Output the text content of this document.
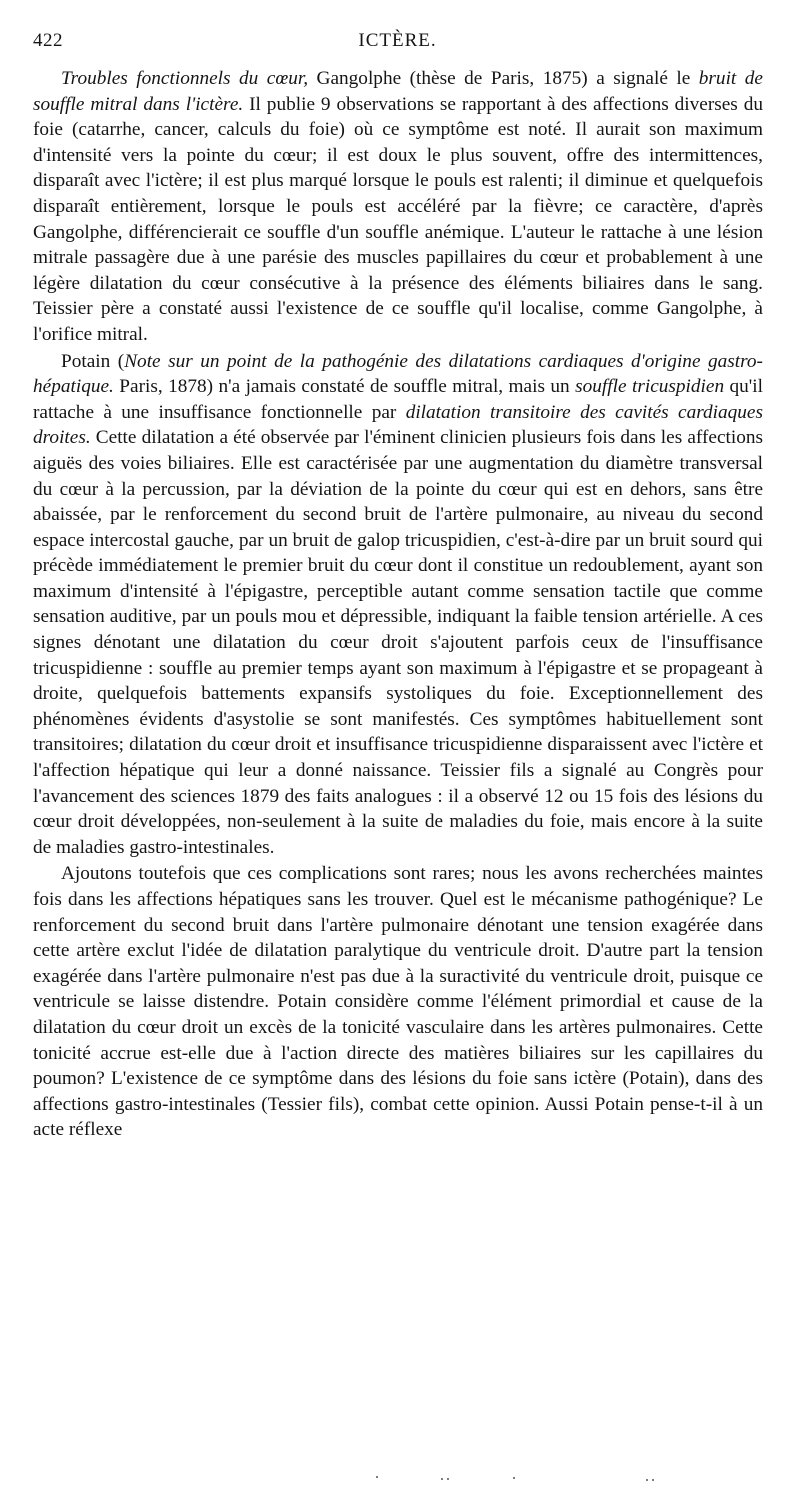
422	ICTÈRE.

Troubles fonctionnels du cœur, Gangolphe (thèse de Paris, 1875) a signalé le bruit de souffle mitral dans l'ictère. Il publie 9 observations se rapportant à des affections diverses du foie (catarrhe, cancer, calculs du foie) où ce symptôme est noté. Il aurait son maximum d'intensité vers la pointe du cœur; il est doux le plus souvent, offre des intermittences, disparaît avec l'ictère; il est plus marqué lorsque le pouls est ralenti; il diminue et quelquefois disparaît entièrement, lorsque le pouls est accéléré par la fièvre; ce caractère, d'après Gangolphe, différencierait ce souffle d'un souffle anémique. L'auteur le rattache à une lésion mitrale passagère due à une parésie des muscles papillaires du cœur et probablement à une légère dilatation du cœur consécutive à la présence des éléments biliaires dans le sang. Teissier père a constaté aussi l'existence de ce souffle qu'il localise, comme Gangolphe, à l'orifice mitral.

Potain (Note sur un point de la pathogénie des dilatations cardiaques d'origine gastro-hépatique. Paris, 1878) n'a jamais constaté de souffle mitral, mais un souffle tricuspidien qu'il rattache à une insuffisance fonctionnelle par dilatation transitoire des cavités cardiaques droites. Cette dilatation a été observée par l'éminent clinicien plusieurs fois dans les affections aiguës des voies biliaires. Elle est caractérisée par une augmentation du diamètre transversal du cœur à la percussion, par la déviation de la pointe du cœur qui est en dehors, sans être abaissée, par le renforcement du second bruit de l'artère pulmonaire, au niveau du second espace intercostal gauche, par un bruit de galop tricuspidien, c'est-à-dire par un bruit sourd qui précède immédiatement le premier bruit du cœur dont il constitue un redoublement, ayant son maximum d'intensité à l'épigastre, perceptible autant comme sensation tactile que comme sensation auditive, par un pouls mou et dépressible, indiquant la faible tension artérielle. A ces signes dénotant une dilatation du cœur droit s'ajoutent parfois ceux de l'insuffisance tricuspidienne : souffle au premier temps ayant son maximum à l'épigastre et se propageant à droite, quelquefois battements expansifs systoliques du foie. Exceptionnellement des phénomènes évidents d'asystolie se sont manifestés. Ces symptômes habituellement sont transitoires; dilatation du cœur droit et insuffisance tricuspidienne disparaissent avec l'ictère et l'affection hépatique qui leur a donné naissance. Teissier fils a signalé au Congrès pour l'avancement des sciences 1879 des faits analogues : il a observé 12 ou 15 fois des lésions du cœur droit développées, non-seulement à la suite de maladies du foie, mais encore à la suite de maladies gastro-intestinales.

Ajoutons toutefois que ces complications sont rares; nous les avons recherchées maintes fois dans les affections hépatiques sans les trouver. Quel est le mécanisme pathogénique? Le renforcement du second bruit dans l'artère pulmonaire dénotant une tension exagérée dans cette artère exclut l'idée de dilatation paralytique du ventricule droit. D'autre part la tension exagérée dans l'artère pulmonaire n'est pas due à la suractivité du ventricule droit, puisque ce ventricule se laisse distendre. Potain considère comme l'élément primordial et cause de la dilatation du cœur droit un excès de la tonicité vasculaire dans les artères pulmonaires. Cette tonicité accrue est-elle due à l'action directe des matières biliaires sur les capillaires du poumon? L'existence de ce symptôme dans des lésions du foie sans ictère (Potain), dans des affections gastro-intestinales (Tessier fils), combat cette opinion. Aussi Potain pense-t-il à un acte réflexe
